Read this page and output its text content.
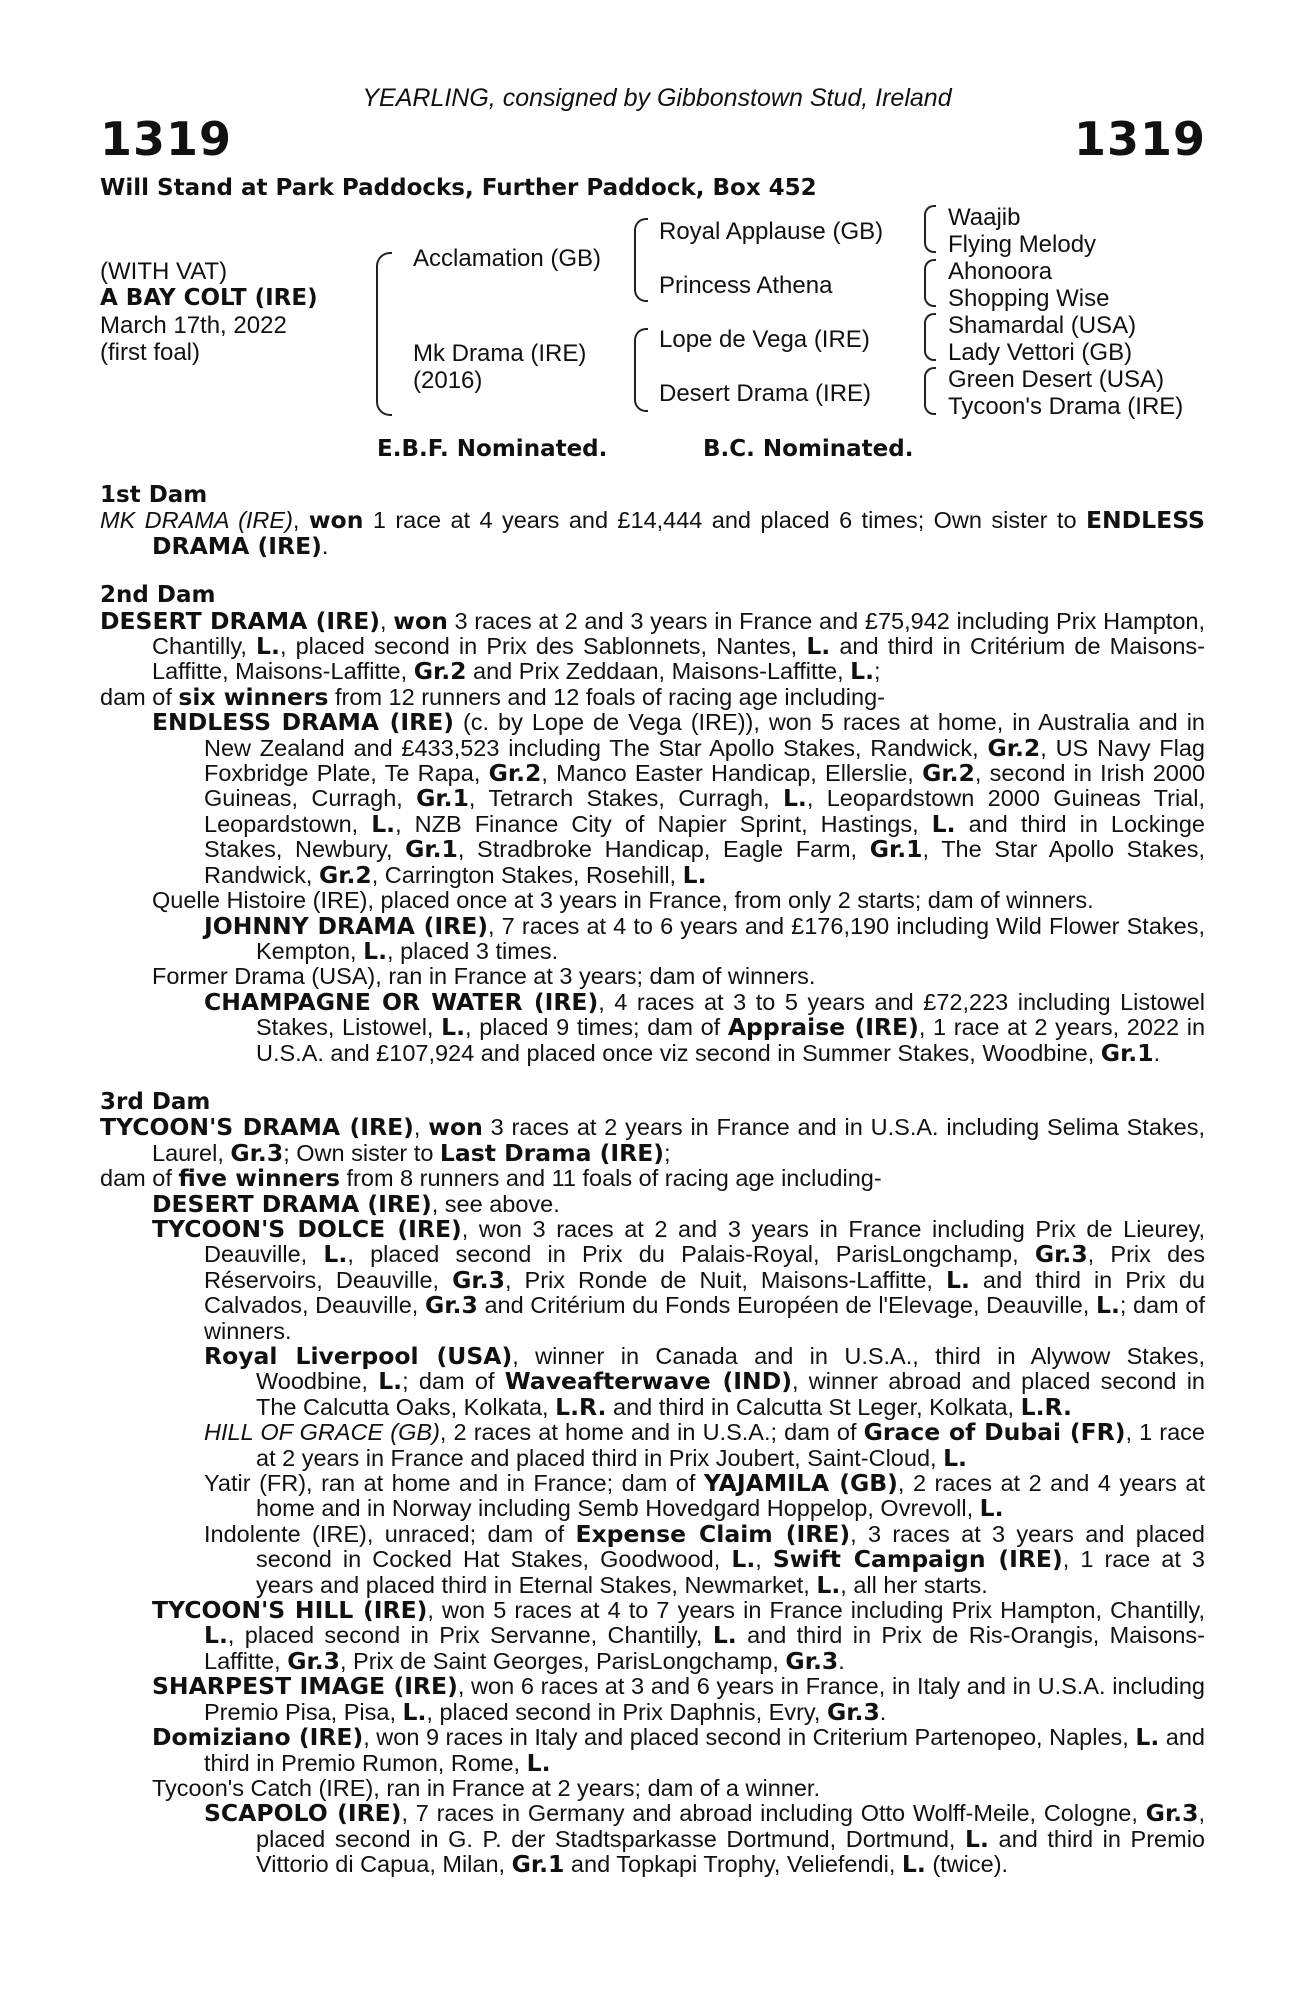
YEARLING, consigned by Gibbonstown Stud, Ireland
1319	1319
Will Stand at Park Paddocks, Further Paddock, Box 452
(WITH VAT)
A BAY COLT (IRE)
March 17th, 2022
(first foal)
Acclamation (GB)
Mk Drama (IRE)
(2016)
Royal Applause (GB)
Princess Athena
Lope de Vega (IRE)
Desert Drama (IRE)
Waajib
Flying Melody
Ahonoora
Shopping Wise
Shamardal (USA)
Lady Vettori (GB)
Green Desert (USA)
Tycoon's Drama (IRE)
E.B.F. Nominated.	B.C. Nominated.

1st Dam

MK DRAMA (IRE), won 1 race at 4 years and £14,444 and placed 6 times; Own sister to ENDLESS DRAMA (IRE).

2nd Dam

DESERT DRAMA (IRE), won 3 races at 2 and 3 years in France and £75,942 including Prix Hampton, Chantilly, L., placed second in Prix des Sablonnets, Nantes, L. and third in Critérium de Maisons-Laffitte, Maisons-Laffitte, Gr.2 and Prix Zeddaan, Maisons-Laffitte, L.;

dam of six winners from 12 runners and 12 foals of racing age including-

ENDLESS DRAMA (IRE) (c. by Lope de Vega (IRE)), won 5 races at home, in Australia and in New Zealand and £433,523 including The Star Apollo Stakes, Randwick, Gr.2, US Navy Flag Foxbridge Plate, Te Rapa, Gr.2, Manco Easter Handicap, Ellerslie, Gr.2, second in Irish 2000 Guineas, Curragh, Gr.1, Tetrarch Stakes, Curragh, L., Leopardstown 2000 Guineas Trial, Leopardstown, L., NZB Finance City of Napier Sprint, Hastings, L. and third in Lockinge Stakes, Newbury, Gr.1, Stradbroke Handicap, Eagle Farm, Gr.1, The Star Apollo Stakes, Randwick, Gr.2, Carrington Stakes, Rosehill, L.

Quelle Histoire (IRE), placed once at 3 years in France, from only 2 starts; dam of winners.

JOHNNY DRAMA (IRE), 7 races at 4 to 6 years and £176,190 including Wild Flower Stakes, Kempton, L., placed 3 times.

Former Drama (USA), ran in France at 3 years; dam of winners.

CHAMPAGNE OR WATER (IRE), 4 races at 3 to 5 years and £72,223 including Listowel Stakes, Listowel, L., placed 9 times; dam of Appraise (IRE), 1 race at 2 years, 2022 in U.S.A. and £107,924 and placed once viz second in Summer Stakes, Woodbine, Gr.1.

3rd Dam

TYCOON'S DRAMA (IRE), won 3 races at 2 years in France and in U.S.A. including Selima Stakes, Laurel, Gr.3; Own sister to Last Drama (IRE);

dam of five winners from 8 runners and 11 foals of racing age including-

DESERT DRAMA (IRE), see above.

TYCOON'S DOLCE (IRE), won 3 races at 2 and 3 years in France including Prix de Lieurey, Deauville, L., placed second in Prix du Palais-Royal, ParisLongchamp, Gr.3, Prix des Réservoirs, Deauville, Gr.3, Prix Ronde de Nuit, Maisons-Laffitte, L. and third in Prix du Calvados, Deauville, Gr.3 and Critérium du Fonds Européen de l'Elevage, Deauville, L.; dam of winners.

Royal Liverpool (USA), winner in Canada and in U.S.A., third in Alywow Stakes, Woodbine, L.; dam of Waveafterwave (IND), winner abroad and placed second in The Calcutta Oaks, Kolkata, L.R. and third in Calcutta St Leger, Kolkata, L.R.

HILL OF GRACE (GB), 2 races at home and in U.S.A.; dam of Grace of Dubai (FR), 1 race at 2 years in France and placed third in Prix Joubert, Saint-Cloud, L.

Yatir (FR), ran at home and in France; dam of YAJAMILA (GB), 2 races at 2 and 4 years at home and in Norway including Semb Hovedgard Hoppelop, Ovrevoll, L.

Indolente (IRE), unraced; dam of Expense Claim (IRE), 3 races at 3 years and placed second in Cocked Hat Stakes, Goodwood, L., Swift Campaign (IRE), 1 race at 3 years and placed third in Eternal Stakes, Newmarket, L., all her starts.

TYCOON'S HILL (IRE), won 5 races at 4 to 7 years in France including Prix Hampton, Chantilly, L., placed second in Prix Servanne, Chantilly, L. and third in Prix de Ris-Orangis, Maisons-Laffitte, Gr.3, Prix de Saint Georges, ParisLongchamp, Gr.3.

SHARPEST IMAGE (IRE), won 6 races at 3 and 6 years in France, in Italy and in U.S.A. including Premio Pisa, Pisa, L., placed second in Prix Daphnis, Evry, Gr.3.

Domiziano (IRE), won 9 races in Italy and placed second in Criterium Partenopeo, Naples, L. and third in Premio Rumon, Rome, L.

Tycoon's Catch (IRE), ran in France at 2 years; dam of a winner.

SCAPOLO (IRE), 7 races in Germany and abroad including Otto Wolff-Meile, Cologne, Gr.3, placed second in G. P. der Stadtsparkasse Dortmund, Dortmund, L. and third in Premio Vittorio di Capua, Milan, Gr.1 and Topkapi Trophy, Veliefendi, L. (twice).
